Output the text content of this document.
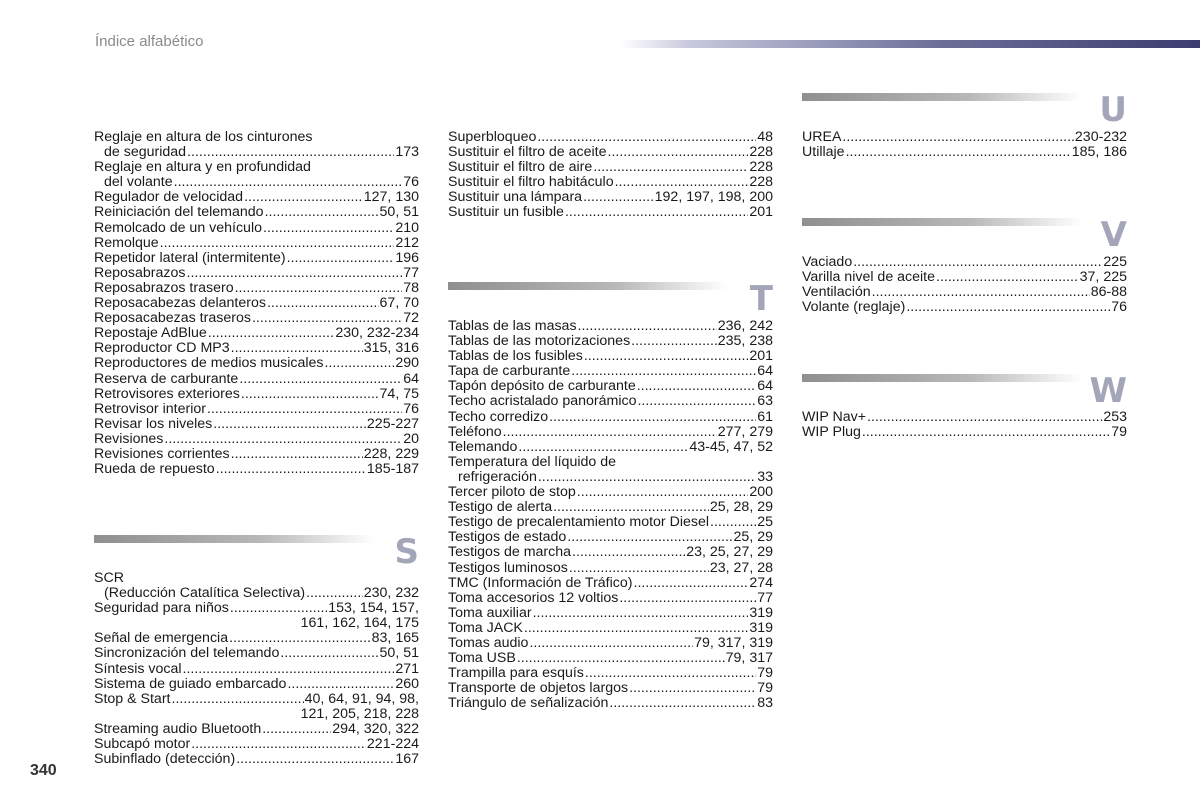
Índice alfabético
Reglaje en altura de los cinturones
de seguridad .....	173
Reglaje en altura y en profundidad
del volante .....	76
Regulador de velocidad .....	127, 130
Reiniciación del telemando .....	50, 51
Remolcado de un vehículo .....	210
Remolque .....	212
Repetidor lateral (intermitente) .....	196
Reposabrazos .....	77
Reposabrazos trasero .....	78
Reposacabezas delanteros .....	67, 70
Reposacabezas traseros .....	72
Repostaje AdBlue .....	230, 232-234
Reproductor CD MP3 .....	315, 316
Reproductores de medios musicales .....	290
Reserva de carburante .....	64
Retrovisores exteriores .....	74, 75
Retrovisor interior .....	76
Revisar los niveles .....	225-227
Revisiones .....	20
Revisiones corrientes .....	228, 229
Rueda de repuesto .....	185-187
S
SCR
(Reducción Catalítica Selectiva) .....	230, 232
Seguridad para niños .....	153, 154, 157,
161, 162, 164, 175
Señal de emergencia .....	83, 165
Sincronización del telemando .....	50, 51
Síntesis vocal .....	271
Sistema de guiado embarcado .....	260
Stop & Start .....	40, 64, 91, 94, 98,
121, 205, 218, 228
Streaming audio Bluetooth .....	294, 320, 322
Subcapó motor .....	221-224
Subinflado (detección) .....	167
Superbloqueo .....	48
Sustituir el filtro de aceite .....	228
Sustituir el filtro de aire .....	228
Sustituir el filtro habitáculo .....	228
Sustituir una lámpara .....	192, 197, 198, 200
Sustituir un fusible .....	201
T
Tablas de las masas .....	236, 242
Tablas de las motorizaciones .....	235, 238
Tablas de los fusibles .....	201
Tapa de carburante .....	64
Tapón depósito de carburante .....	64
Techo acristalado panorámico .....	63
Techo corredizo .....	61
Teléfono .....	277, 279
Telemando .....	43-45, 47, 52
Temperatura del líquido de
refrigeración .....	33
Tercer piloto de stop .....	200
Testigo de alerta .....	25, 28, 29
Testigo de precalentamiento motor Diesel .....	25
Testigos de estado .....	25, 29
Testigos de marcha .....	23, 25, 27, 29
Testigos luminosos .....	23, 27, 28
TMC (Información de Tráfico) .....	274
Toma accesorios 12 voltios .....	77
Toma auxiliar .....	319
Toma JACK .....	319
Tomas audio .....	79, 317, 319
Toma USB .....	79, 317
Trampilla para esquís .....	79
Transporte de objetos largos .....	79
Triángulo de señalización .....	83
U
UREA .....	230-232
Utillaje .....	185, 186
V
Vaciado .....	225
Varilla nivel de aceite .....	37, 225
Ventilación .....	86-88
Volante (reglaje) .....	76
W
WIP Nav+ .....	253
WIP Plug .....	79
340
